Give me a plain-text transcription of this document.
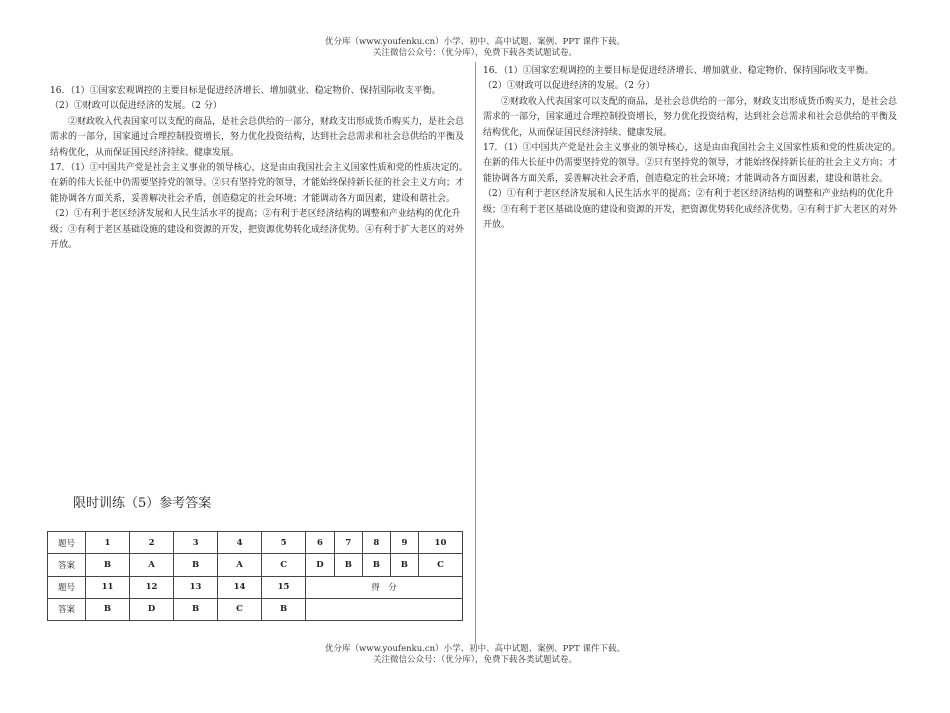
优分库（www.youfenku.cn）小学、初中、高中试题、案例、PPT 课件下载。
关注微信公众号：（优分库），免费下载各类试题试卷。

16．（1）①国家宏观调控的主要目标是促进经济增长、增加就业、稳定物价、保持国际收支平衡。

（2）①财政可以促进经济的发展。（2 分）

②财政收入代表国家可以支配的商品，是社会总供给的一部分，财政支出形成货币购买力，是社会总需求的一部分，国家通过合理控制投资增长，努力优化投资结构，达到社会总需求和社会总供给的平衡及结构优化，从而保证国民经济持续、健康发展。

17．（1）①中国共产党是社会主义事业的领导核心，这是由由我国社会主义国家性质和党的性质决定的。在新的伟大长征中仍需要坚持党的领导。②只有坚持党的领导，才能始终保持新长征的社会主义方向；才能协调各方面关系，妥善解决社会矛盾，创造稳定的社会环境；才能调动各方面因素，建设和谐社会。

（2）①有利于老区经济发展和人民生活水平的提高；②有利于老区经济结构的调整和产业结构的优化升级；③有利于老区基础设施的建设和资源的开发，把资源优势转化成经济优势。④有利于扩大老区的对外开放。

16．（1）①国家宏观调控的主要目标是促进经济增长、增加就业、稳定物价、保持国际收支平衡。

（2）①财政可以促进经济的发展。（2 分）

②财政收入代表国家可以支配的商品，是社会总供给的一部分，财政支出形成货币购买力，是社会总需求的一部分，国家通过合理控制投资增长，努力优化投资结构，达到社会总需求和社会总供给的平衡及结构优化，从而保证国民经济持续、健康发展。

17．（1）①中国共产党是社会主义事业的领导核心，这是由由我国社会主义国家性质和党的性质决定的。在新的伟大长征中仍需要坚持党的领导。②只有坚持党的领导，才能始终保持新长征的社会主义方向；才能协调各方面关系，妥善解决社会矛盾，创造稳定的社会环境；才能调动各方面因素，建设和谐社会。

（2）①有利于老区经济发展和人民生活水平的提高；②有利于老区经济结构的调整和产业结构的优化升级；③有利于老区基础设施的建设和资源的开发，把资源优势转化成经济优势。④有利于扩大老区的对外开放。

限时训练（5）参考答案
题号	1	2	3	4	5	6	7	8	9	10
答案	B	A	B	A	C	D	B	B	B	C
题号	11	12	13	14	15	得　分				
答案	B	D	B	C	B					
优分库（www.youfenku.cn）小学、初中、高中试题、案例、PPT 课件下载。
关注微信公众号：（优分库），免费下载各类试题试卷。
